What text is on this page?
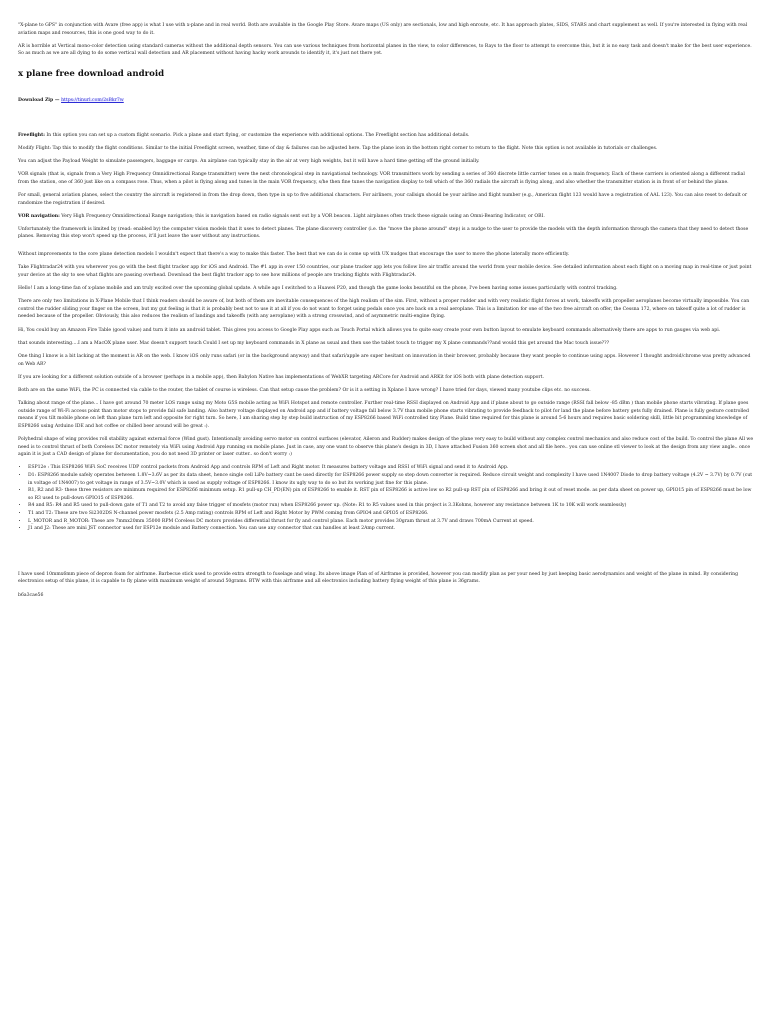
"X-plane to GPS" in conjunction with Avare (free app) is what I use with x-plane and in real world. Both are available in the Google Play Store. Avare maps (US only) are sectionals, low and high enroute, etc. It has approach plates, SIDS, STARS and chart supplement as well. If you're interested in flying with real aviation maps and resources, this is one good way to do it.

AR is horrible at Vertical mono-color detection using standard cameras without the additional depth sensors. You can use various techniques from horizontal planes in the view, to color differences, to Rays to the floor to attempt to overcome this, but it is no easy task and doesn't make for the best user experience. So as much as we are all dying to do some vertical wall detection and AR placement without having hacky work arounds to identify it, it's just not there yet.

x plane free download android

Download Zip — https://tinurl.com/2sBkr7w

Freeflight: In this option you can set up a custom flight scenario. Pick a plane and start flying, or customize the experience with additional options. The Freeflight section has additional details.

Modify Flight: Tap this to modify the flight conditions. Similar to the initial Freeflight screen, weather, time of day & failures can be adjusted here. Tap the plane icon in the bottom right corner to return to the flight. Note this option is not available in tutorials or challenges.

You can adjust the Payload Weight to simulate passengers, baggage or cargo. An airplane can typically stay in the air at very high weights, but it will have a hard time getting off the ground initially.

VOR signals (that is, signals from a Very High Frequency Omnidirectional Range transmitter) were the next chronological step in navigational technology. VOR transmitters work by sending a series of 360 discrete little carrier tones on a main frequency. Each of these carriers is oriented along a different radial from the station, one of 360 just like on a compass rose. Thus, when a pilot is flying along and tunes in the main VOR frequency, s/he then fine tunes the navigation display to tell which of the 360 radials the aircraft is flying along, and also whether the transmitter station is in front of or behind the plane.

For small, general aviation planes, select the country the aircraft is registered in from the drop down, then type in up to five additional characters. For airliners, your callsign should be your airline and flight number (e.g., American flight 123 would have a registration of AAL 123). You can also reset to default or randomize the registration if desired.

VOR navigation: Very High Frequency Omnidirectional Range navigation; this is navigation based on radio signals sent out by a VOR beacon. Light airplanes often track these signals using an Omni-Bearing Indicator, or OBI.

Unfortunately the framework is limited by (read: enabled by) the computer vision models that it uses to detect planes. The plane discovery controller (i.e. the "move the phone around" step) is a nudge to the user to provide the models with the depth information through the camera that they need to detect those planes. Removing this step won't speed up the process, it'll just leave the user without any instructions.

Without improvements to the core plane detection models I wouldn't expect that there's a way to make this faster. The best that we can do is come up with UX nudges that encourage the user to move the phone laterally more efficiently.

Take Flightradar24 with you wherever you go with the best flight tracker app for iOS and Android. The #1 app in over 150 countries, our plane tracker app lets you follow live air traffic around the world from your mobile device. See detailed information about each flight on a moving map in real-time or just point your device at the sky to see what flights are passing overhead. Download the best flight tracker app to see how millions of people are tracking flights with Flightradar24.

Hello! I am a long-time fan of x-plane mobile and am truly excited over the upcoming global update. A while ago I switched to a Huawei P20, and though the game looks beautiful on the phone, I've been having some issues particularly with control tracking.

There are only two limitations in X-Plane Mobile that I think readers should be aware of, but both of them are inevitable consequences of the high realism of the sim. First, without a proper rudder and with very realistic flight forces at work, takeoffs with propeller aeroplanes become virtually impossible. You can control the rudder sliding your finger on the screen, but my gut feeling is that it is probably best not to use it at all if you do not want to forget using pedals once you are back on a real aeroplane. This is a limitation for one of the two free aircraft on offer, the Cessna 172, where on takeoff quite a lot of rudder is needed because of the propeller. Obviously, this also reduces the realism of landings and takeoffs (with any aeroplane) with a strong crosswind, and of asymmetric multi-engine flying.

Hi, You could buy an Amazon Fire Table (good value) and turn it into an android tablet. This gives you access to Google Play apps such as Touch Portal which allows you to quite easy create your own button layout to emulate keyboard commands alternatively there are apps to run gauges via web api.

that sounds interesting....I am a MacOX plane user. Mac doesn't support touch Could I set up my keyboard commands in X plane as usual and then use the tablet touch to trigger my X plane commands??and would this get around the Mac touch issue???

One thing I know is a bit lacking at the moment is AR on the web. I know iOS only runs safari (or in the background anyway) and that safari/apple are super hesitant on innovation in their browser, probably because they want people to continue using apps. However I thought android/chrome was pretty advanced on Web AR?

If you are looking for a different solution outside of a browser (perhaps in a mobile app), then Babylon Native has implementations of WebXR targeting ARCore for Android and ARKit for iOS both with plane detection support.

Both are on the same WiFi, the PC is connected via cable to the router, the tablet of course is wireless. Can that setup cause the problem? Or is it a setting in Xplane I have wrong? I have tried for days, viewed many youtube clips etc. no success.

Talking about range of the plane... I have got around 70 meter LOS range using my Moto G5S mobile acting as WiFi Hotspot and remote controller. Further real-time RSSI displayed on Android App and if plane about to go outside range (RSSI fall below -85 dBm ) than mobile phone starts vibrating. If plane goes outside range of Wi-Fi access point than motor stops to provide fail safe landing. Also battery voltage displayed on Android app and if battery voltage fall below 3.7V than mobile phone starts vibrating to provide feedback to pilot for land the plane before battery gets fully drained. Plane is fully gesture controlled means if you tilt mobile phone on left than plane turn left and opposite for right turn. So here, I am sharing step by step build instruction of my ESP8266 based WiFi controlled tiny Plane. Build time required for this plane is around 5-6 hours and requires basic soldering skill, little bit programming knowledge of ESP8266 using Arduino IDE and hot coffee or chilled beer around will be great :).

Polyhedral shape of wing provides roll stability against external force (Wind gust). Intentionally avoiding servo motor on control surfaces (elevator, Aileron and Rudder) makes design of the plane very easy to build without any complex control mechanics and also reduce cost of the build. To control the plane All we need is to control thrust of both Coreless DC motor remotely via WiFi using Android App running on mobile plane. Just in case, any one want to observe this plane's design in 3D, I have attached Fusion 360 screen shot and all file here.. you can use online stl viewer to look at the design from any view angle.. once again it is just a CAD design of plane for documentation, you do not need 3D printer or laser cutter.. so don't worry :)

• ESP12e : This ESP8266 WiFi SoC receives UDP control packets from Android App and controls RPM of Left and Right motor. It measures battery voltage and RSSI of WiFi signal and send it to Android App.
• D1: ESP8266 module safely operates between 1.8V~3.6V as per its data sheet, hence single cell LiPo battery cant be used directly for ESP8266 power supply so step down converter is required. Reduce circuit weight and complexity I have used 1N4007 Diode to drop battery voltage (4.2V ~ 3.7V) by 0.7V (cut in voltage of 1N4007) to get voltage in range of 3.5V~3.0V which is used as supply voltage of ESP8266. I know its ugly way to do so but its working just fine for this plane.
• R1, R2 and R3- these three resistors are minimum required for ESP8266 minimum setup. R1 pull-up CH_PD(EN) pin of ESP8266 to enable it. RST pin of ESP8266 is active low so R2 pull-up RST pin of ESP8266 and bring it out of reset mode. as per data sheet on power up, GPIO15 pin of ESP8266 must be low so R3 used to pull-down GPIO15 of ESP8266.
• R4 and R5: R4 and R5 used to pull-down gate of T1 and T2 to avoid any false trigger of mosfets (motor run) when ESP8266 power up. (Note: R1 to R5 values used in this project is 3.3Kohms, however any resistance between 1K to 10K will work seamlessly)
• T1 and T2: These are two Si2302DS N-channel power mosfets (2.5 Amp rating) controls RPM of Left and Right Motor by PWM coming from GPIO4 and GPIO5 of ESP8266.
• L_MOTOR and R_MOTOR: These are 7mmx20mm 35000 RPM Coreless DC motors provides differential thrust for fly and control plane. Each motor provides 30gram thrust at 3.7V and draws 700mA Current at speed.
• J1 and J2: These are mini JST connector used for ESP12e module and Battery connection. You can use any connector that can handles at least 2Amp current.

I have used 10mmx6mm piece of depron foam for airframe. Barbecue stick used to provide extra strength to fuselage and wing. Its above image Plan of of Airframe is provided, however you can modify plan as per your need by just keeping basic aerodynamics and weight of the plane in mind. By considering electronics setup of this plane, it is capable to fly plane with maximum weight of around 50grams. BTW with this airframe and all electronics including battery flying weight of this plane is 36grams.

b6a3cae56
